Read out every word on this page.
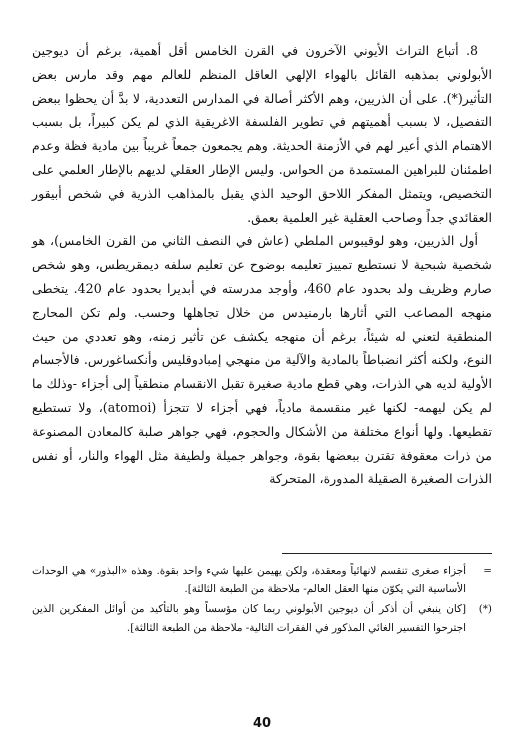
8. أتباع التراث الأيوني الآخرون في القرن الخامس أقل أهمية، برغم أن ديوجين الأبولوني بمذهبه القائل بالهواء الإلهي العاقل المنظم للعالم مهم وقد مارس بعض التأثير(*). على أن الذريين، وهم الأكثر أصالة في المدارس التعددية، لا بدَّ أن يحظوا ببعض التفصيل، لا بسبب أهميتهم في تطوير الفلسفة الاغريقية الذي لم يكن كبيراً، بل بسبب الاهتمام الذي أعير لهم في الأزمنة الحديثة. وهم يجمعون جمعاً غريباً بين مادية فظة وعدم اطمئنان للبراهين المستمدة من الحواس. وليس الإطار العقلي لديهم بالإطار العلمي على التخصيص، ويتمثل المفكر اللاحق الوحيد الذي يقبل بالمذاهب الذرية في شخص أبيقور العقائدي جداً وصاحب العقلية غير العلمية بعمق.

أول الذريين، وهو لوقيبوس الملطي (عاش في النصف الثاني من القرن الخامس)، هو شخصية شبحية لا نستطيع تمييز تعليمه بوضوح عن تعليم سلفه ديمقريطس، وهو شخص صارم وظريف ولد بحدود عام 460، وأوجد مدرسته في أبديرا بحدود عام 420. يتخطى منهجه المصاعب التي أثارها بارمنيدس من خلال تجاهلها وحسب. ولم تكن المحارج المنطقية لتعني له شيئاً، برغم أن منهجه يكشف عن تأثير زمنه، وهو تعددي من حيث النوع، ولكنه أكثر انضباطاً بالمادية والآلية من منهجي إمبادوقليس وأنكساغورس. فالأجسام الأولية لديه هي الذرات، وهي قطع مادية صغيرة تقبل الانقسام منطقياً إلى أجزاء -وذلك ما لم يكن ليهمه- لكنها غير منقسمة مادياً، فهي أجزاء لا تتجزأ (atomoi)، ولا تستطيع تقطيعها. ولها أنواع مختلفة من الأشكال والحجوم، فهي جواهر صلبة كالمعادن المصنوعة من ذرات معقوفة تقترن ببعضها بقوة، وجواهر جميلة ولطيفة مثل الهواء والنار، أو نفس الذرات الصغيرة الصقيلة المدورة، المتحركة

=
أجزاء صغرى تنقسم لانهائياً ومعقدة، ولكن يهيمن عليها شيء واحد بقوة. وهذه «البذور» هي الوحدات الأساسية التي يكوّن منها العقل العالم- ملاحظة من الطبعة الثالثة].
(*)
[كان ينبغي أن أذكر أن ديوجين الأبولوني ربما كان مؤسساً وهو بالتأكيد من أوائل المفكرين الذين اجترحوا التفسير الغائي المذكور في الفقرات التالية- ملاحظة من الطبعة الثالثة].
40
